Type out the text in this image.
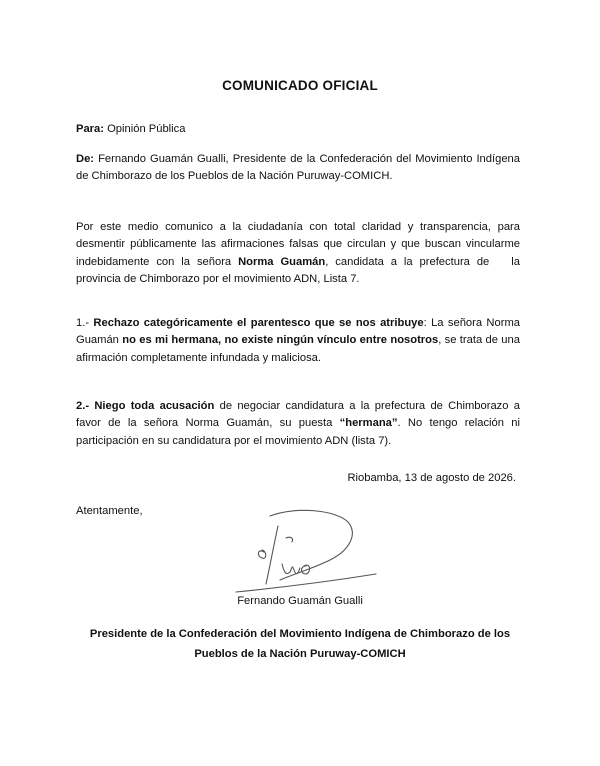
COMUNICADO OFICIAL

Para: Opinión Pública

De: Fernando Guamán Gualli, Presidente de la Confederación del Movimiento Indígena de Chimborazo de los Pueblos de la Nación Puruway-COMICH.

Por este medio comunico a la ciudadanía con total claridad y transparencia, para desmentir públicamente las afirmaciones falsas que circulan y que buscan vincularme indebidamente con la señora Norma Guamán, candidata a la prefectura de la provincia de Chimborazo por el movimiento ADN, Lista 7.

1.- Rechazo categóricamente el parentesco que se nos atribuye: La señora Norma Guamán no es mi hermana, no existe ningún vínculo entre nosotros, se trata de una afirmación completamente infundada y maliciosa.

2.- Niego toda acusación de negociar candidatura a la prefectura de Chimborazo a favor de la señora Norma Guamán, su puesta “hermana”. No tengo relación ni participación en su candidatura por el movimiento ADN (lista 7).

Riobamba, 13 de agosto de 2026.
Atentamente,
Fernando Guamán Gualli
Presidente de la Confederación del Movimiento Indígena de Chimborazo de los Pueblos de la Nación Puruway-COMICH
